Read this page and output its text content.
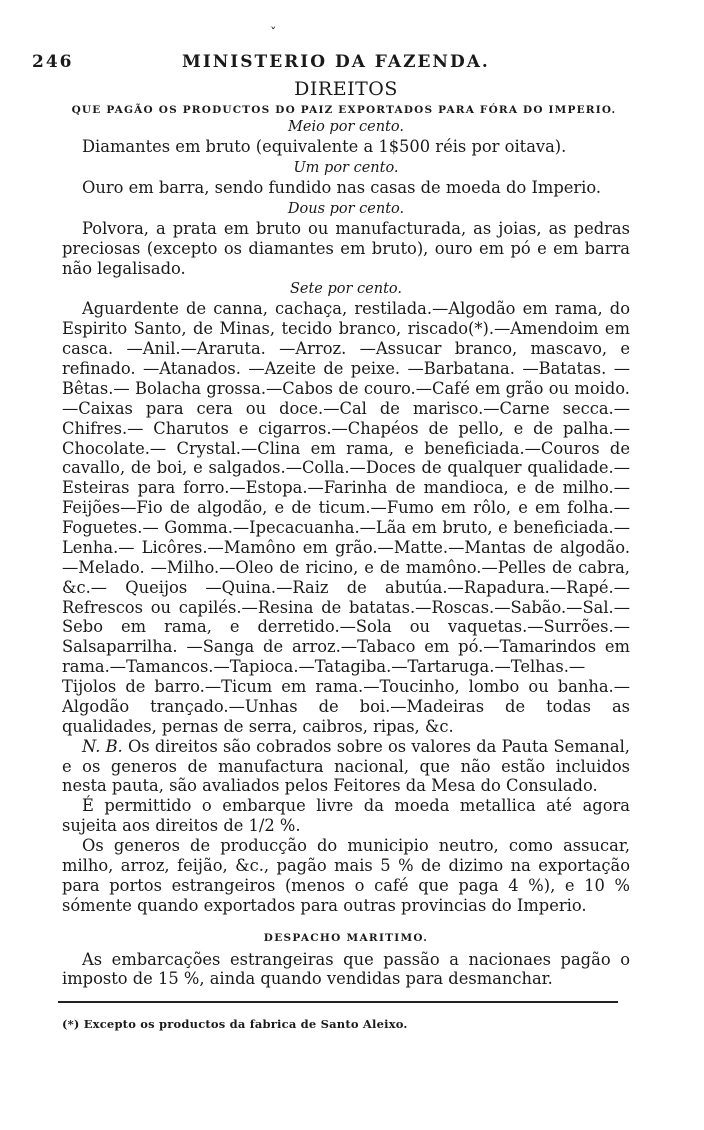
ˇ
246	MINISTERIO DA FAZENDA.
DIREITOS
QUE PAGÃO OS PRODUCTOS DO PAIZ EXPORTADOS PARA FÓRA DO IMPERIO.
Meio por cento.

Diamantes em bruto (equivalente a 1$500 réis por oitava).

Um por cento.

Ouro em barra, sendo fundido nas casas de moeda do Imperio.

Dous por cento.

Polvora, a prata em bruto ou manufacturada, as joias, as pedras preciosas (excepto os diamantes em bruto), ouro em pó e em barra não legalisado.

Sete por cento.

Aguardente de canna, cachaça, restilada.—Algodão em rama, do Espirito Santo, de Minas, tecido branco, riscado(*).—Amendoim em casca. —Anil.—Araruta. —Arroz. —Assucar branco, mascavo, e refinado. —Atanados. —Azeite de peixe. —Barbatana. —Batatas. —Bêtas.— Bolacha grossa.—Cabos de couro.—Café em grão ou moido.—Caixas para cera ou doce.—Cal de marisco.—Carne secca.—Chifres.— Charutos e cigarros.—Chapéos de pello, e de palha.—Chocolate.— Crystal.—Clina em rama, e beneficiada.—Couros de cavallo, de boi, e salgados.—Colla.—Doces de qualquer qualidade.—Esteiras para forro.—Estopa.—Farinha de mandioca, e de milho.—Feijões—Fio de algodão, e de ticum.—Fumo em rôlo, e em folha.—Foguetes.— Gomma.—Ipecacuanha.—Lãa em bruto, e beneficiada.—Lenha.— Licôres.—Mamôno em grão.—Matte.—Mantas de algodão.—Melado. —Milho.—Oleo de ricino, e de mamôno.—Pelles de cabra, &c.— Queijos —Quina.—Raiz de abutúa.—Rapadura.—Rapé.—Refrescos ou capilés.—Resina de batatas.—Roscas.—Sabão.—Sal.—Sebo em rama, e derretido.—Sola ou vaquetas.—Surrões.—Salsaparrilha. —Sanga de arroz.—Tabaco em pó.—Tamarindos em rama.—Tamancos.—Tapioca.—Tatagiba.—Tartaruga.—Telhas.—Tijolos de barro.—Ticum em rama.—Toucinho, lombo ou banha.—Algodão trançado.—Unhas de boi.—Madeiras de todas as qualidades, pernas de serra, caibros, ripas, &c.

N. B. Os direitos são cobrados sobre os valores da Pauta Semanal, e os generos de manufactura nacional, que não estão incluidos nesta pauta, são avaliados pelos Feitores da Mesa do Consulado.

É permittido o embarque livre da moeda metallica até agora sujeita aos direitos de 1/2 %.

Os generos de producção do municipio neutro, como assucar, milho, arroz, feijão, &c., pagão mais 5 % de dizimo na exportação para portos estrangeiros (menos o café que paga 4 %), e 10 % sómente quando exportados para outras provincias do Imperio.

DESPACHO MARITIMO.

As embarcações estrangeiras que passão a nacionaes pagão o imposto de 15 %, ainda quando vendidas para desmanchar.

(*) Excepto os productos da fabrica de Santo Aleixo.
